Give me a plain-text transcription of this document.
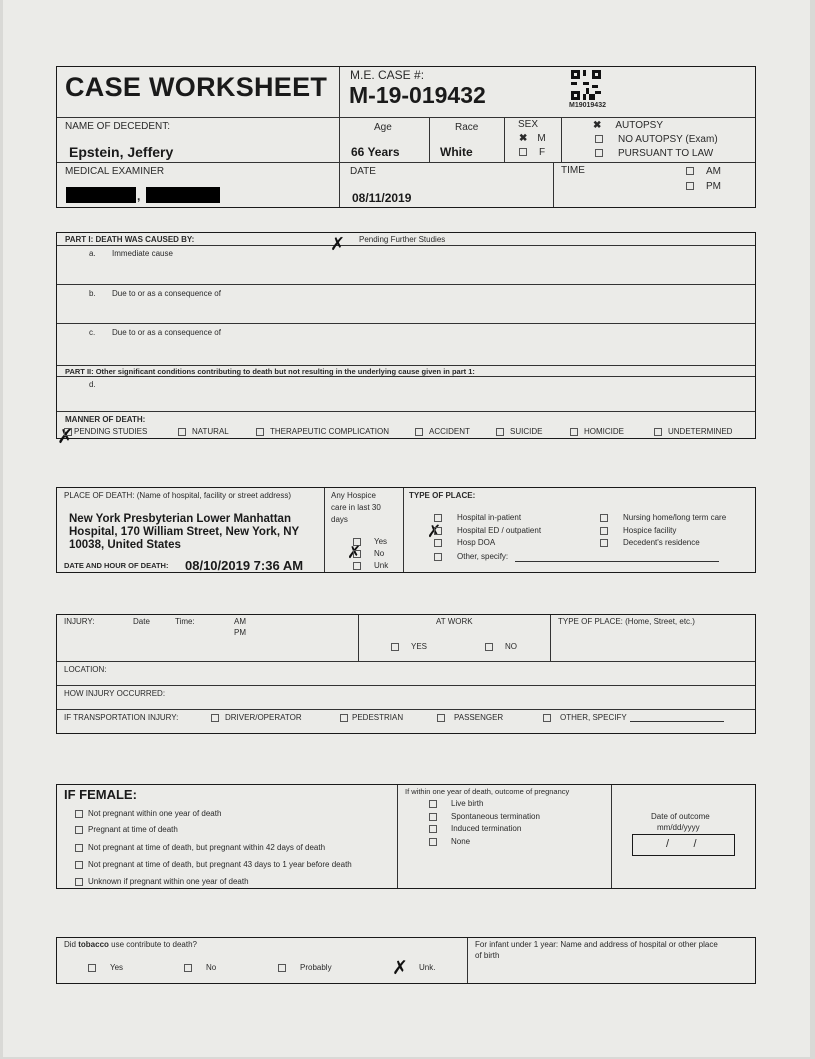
CASE WORKSHEET M.E. CASE #:
M-19-019432	M19019432
NAME OF DECEDENT:
Epstein, Jeffery
Age
66 Years
Race
White
SEX
✖ M
F
✖ AUTOPSY
NO AUTOPSY (Exam)
PURSUANT TO LAW
MEDICAL EXAMINER
,
DATE
08/11/2019
TIME	AM
PM
PART I: DEATH WAS CAUSED BY:	✗ Pending Further Studies
a. Immediate cause
b. Due to or as a consequence of
c. Due to or as a consequence of
PART II: Other significant conditions contributing to death but not resulting in the underlying cause given in part 1:
d.
MANNER OF DEATH:
✗ PENDING STUDIES	NATURAL	THERAPEUTIC COMPLICATION	ACCIDENT	SUICIDE	HOMICIDE	UNDETERMINED
PLACE OF DEATH: (Name of hospital, facility or street address)
New York Presbyterian Lower Manhattan
Hospital, 170 William Street, New York, NY
10038, United States
DATE AND HOUR OF DEATH: 08/10/2019 7:36 AM
Any Hospice
care in last 30
days
Yes
✗	No
Unk
TYPE OF PLACE:
Hospital in-patient
✗	Hospital ED / outpatient
Hosp DOA
Other, specify:
Nursing home/long term care
Hospice facility
Decedent's residence
INJURY:	Date	Time:	AM
PM
AT WORK
YES	NO
TYPE OF PLACE: (Home, Street, etc.)
LOCATION:
HOW INJURY OCCURRED:
IF TRANSPORTATION INJURY:	DRIVER/OPERATOR	PEDESTRIAN	PASSENGER	OTHER, SPECIFY
IF FEMALE:
Not pregnant within one year of death
Pregnant at time of death
Not pregnant at time of death, but pregnant within 42 days of death
Not pregnant at time of death, but pregnant 43 days to 1 year before death
Unknown if pregnant within one year of death
If within one year of death, outcome of pregnancy
Live birth
Spontaneous termination
Induced termination
None
Date of outcome
mm/dd/yyyy
/        /
Did tobacco use contribute to death?
Yes	No	Probably	✗ Unk.
For infant under 1 year: Name and address of hospital or other place
of birth
